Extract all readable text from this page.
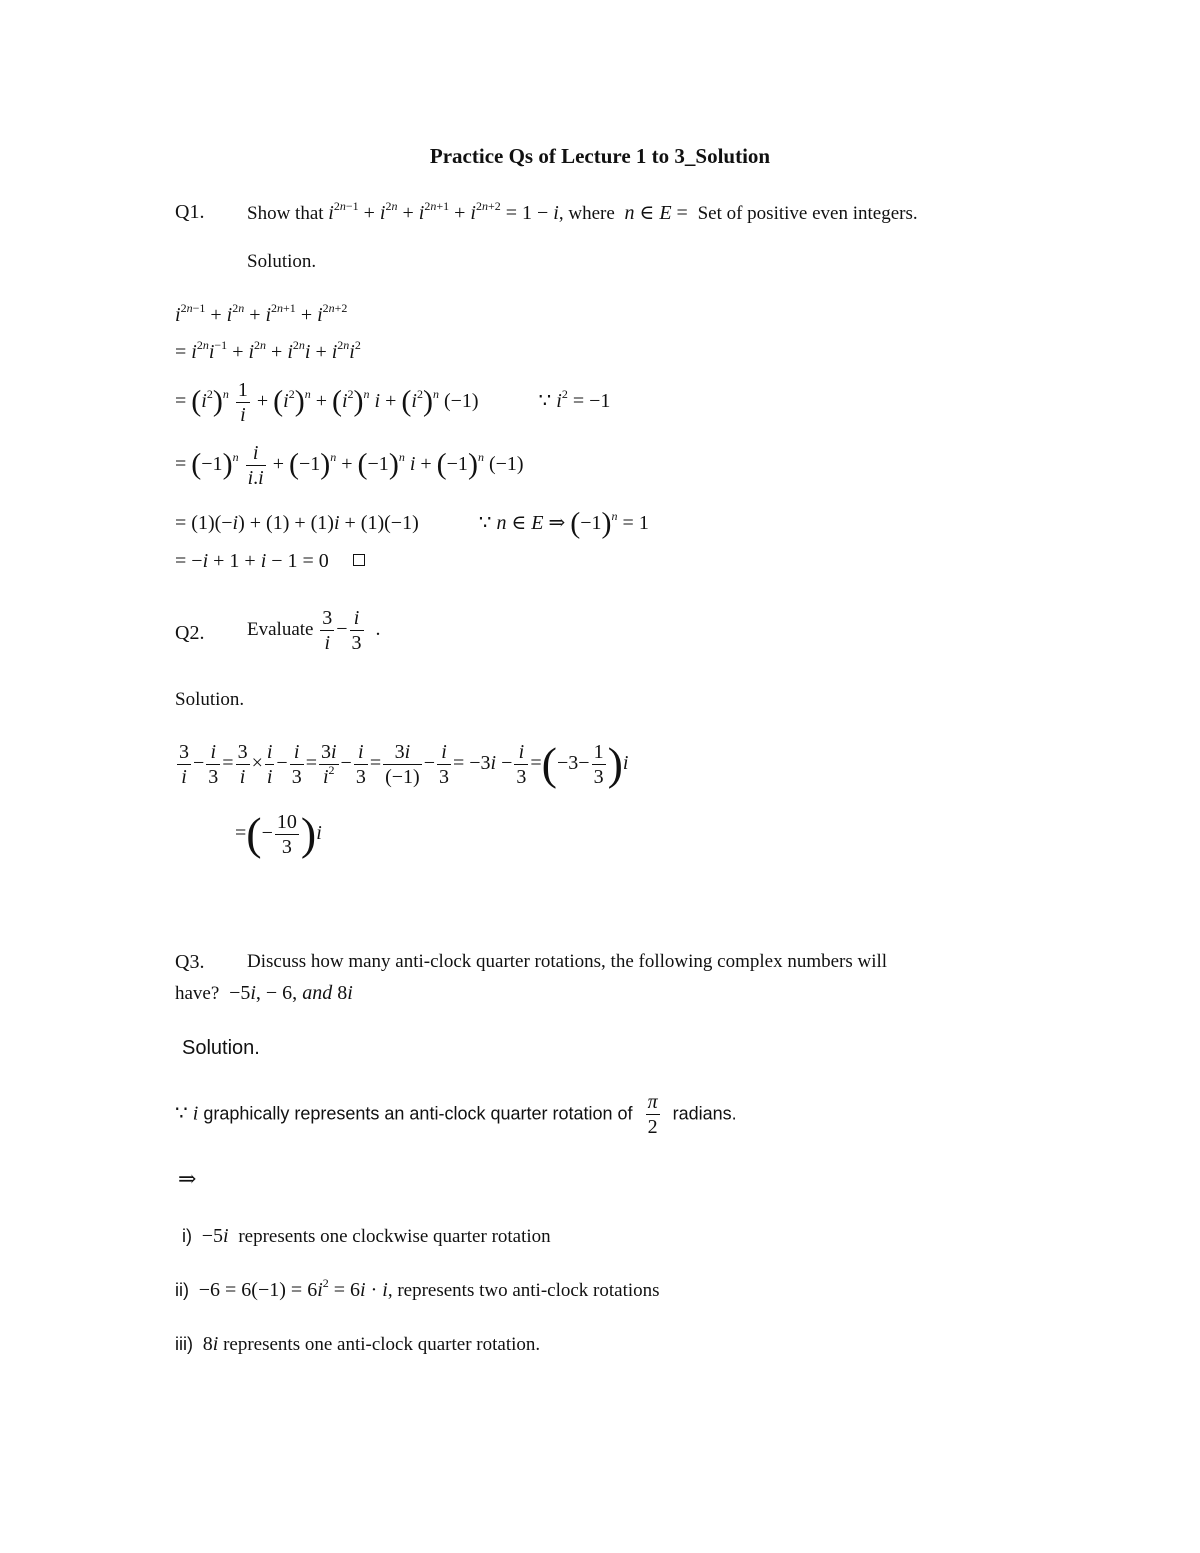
Practice Qs of Lecture 1 to 3_Solution
Q1. Show that $i^{2n-1} + i^{2n} + i^{2n+1} + i^{2n+2} = 1 - i$, where n ∈ E =  Set of positive even integers.
Solution.
$i^{2n-1} + i^{2n} + i^{2n+1} + i^{2n+2}$
= $i^{2n}i^{-1} + i^{2n} + i^{2n}i + i^{2n}i^2$
= $(i^2)^n \frac{1}{i} + (i^2)^n + (i^2)^n$ $i + (i^2)^n$ (−1)	∵ $i^2 = -1$
= $(-1)^n \frac{i}{i.i} + (-1)^n + (-1)^n$ $i + (-1)^n$ (−1)
= (1)(−i) + (1) + (1)i + (1)(−1)	∵ n ∈ E ⇒ $(-1)^n = 1$
= −i + 1 + i − 1 = 0
Q2. Evaluate $\frac{3}{i} - \frac{i}{3}$ .
Solution.
$\frac{3}{i} - \frac{i}{3} = \frac{3}{i} \times \frac{i}{i} - \frac{i}{3} = \frac{3i}{i^2} - \frac{i}{3} = \frac{3i}{(-1)} - \frac{i}{3} = -3i - \frac{i}{3} =(-3- \frac{1}{3} )i$
=(− $\frac{10}{3} )i$
Q3. Discuss how many anti-clock quarter rotations, the following complex numbers will
have?  −5i, − 6, and 8i
Solution.
∵ i graphically represents an anti-clock quarter rotation of $\frac{\pi}{2}$ radians.
⇒
i)  −5i represents one clockwise quarter rotation
$ii) -6 = 6(-1) = 6i^2 = 6i \cdot i$, represents two anti-clock rotations
iii)  8i represents one anti-clock quarter rotation.
